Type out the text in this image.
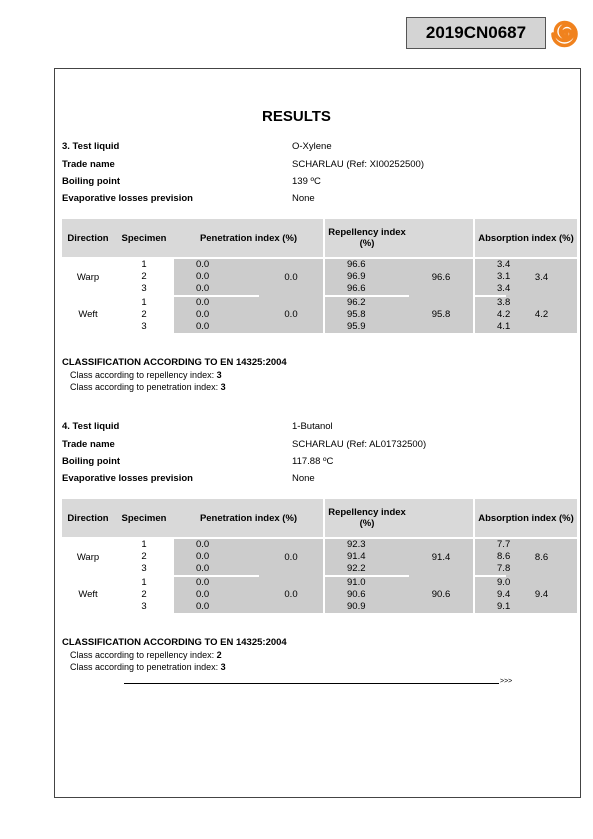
2019CN0687
RESULTS
3. Test liquid	O-Xylene
Trade name	SCHARLAU (Ref: XI00252500)
Boiling point	139 ºC
Evaporative losses prevision	None
Direction	Specimen	Penetration index (%)		Repellency index (%)		Absorption index (%)	
Warp	1	0.0	0.0	96.6	96.6	3.4	3.4
	2	0.0		96.9		3.1	
	3	0.0		96.6		3.4	
Weft	1	0.0	0.0	96.2	95.8	3.8	4.2
	2	0.0		95.8		4.2	
	3	0.0		95.9		4.1	
CLASSIFICATION ACCORDING TO EN 14325:2004
Class according to repellency index: 3
Class according to penetration index: 3
4. Test liquid	1-Butanol
Trade name	SCHARLAU (Ref: AL01732500)
Boiling point	117.88 ºC
Evaporative losses prevision	None
Direction	Specimen	Penetration index (%)		Repellency index (%)		Absorption index (%)	
Warp	1	0.0	0.0	92.3	91.4	7.7	8.6
	2	0.0		91.4		8.6	
	3	0.0		92.2		7.8	
Weft	1	0.0	0.0	91.0	90.6	9.0	9.4
	2	0.0		90.6		9.4	
	3	0.0		90.9		9.1	
CLASSIFICATION ACCORDING TO EN 14325:2004
Class according to repellency index: 2
Class according to penetration index: 3
>>>
